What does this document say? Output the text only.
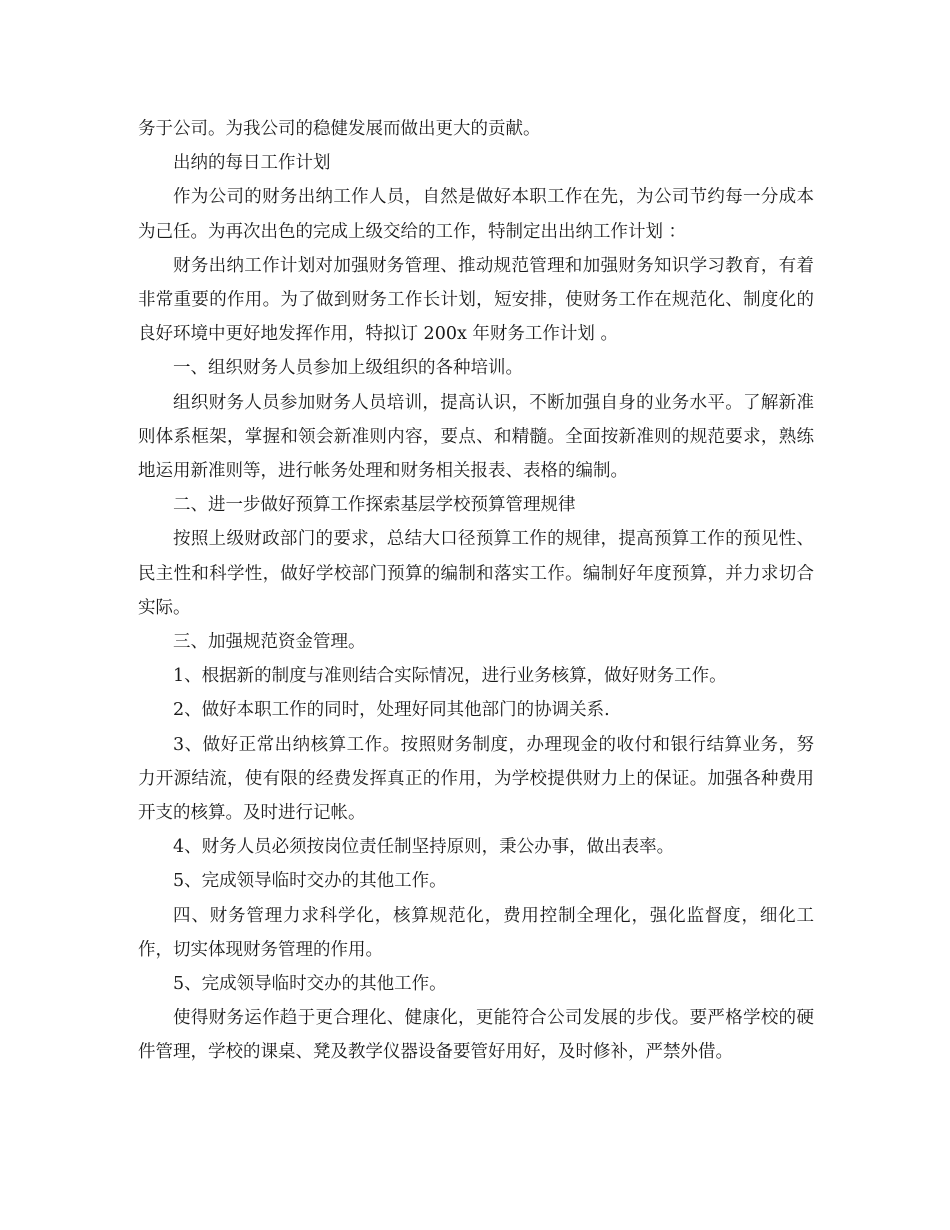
务于公司。为我公司的稳健发展而做出更大的贡献。

出纳的每日工作计划

作为公司的财务出纳工作人员，自然是做好本职工作在先，为公司节约每一分成本为己任。为再次出色的完成上级交给的工作，特制定出出纳工作计划 ：

财务出纳工作计划对加强财务管理、推动规范管理和加强财务知识学习教育，有着非常重要的作用。为了做到财务工作长计划，短安排，使财务工作在规范化、制度化的良好环境中更好地发挥作用，特拟订 200x 年财务工作计划 。

一、组织财务人员参加上级组织的各种培训。

组织财务人员参加财务人员培训，提高认识，不断加强自身的业务水平。了解新准则体系框架，掌握和领会新准则内容，要点、和精髓。全面按新准则的规范要求，熟练地运用新准则等，进行帐务处理和财务相关报表、表格的编制。

二、进一步做好预算工作探索基层学校预算管理规律

按照上级财政部门的要求，总结大口径预算工作的规律，提高预算工作的预见性、民主性和科学性，做好学校部门预算的编制和落实工作。编制好年度预算，并力求切合实际。

三、加强规范资金管理。

1、根据新的制度与准则结合实际情况，进行业务核算，做好财务工作。

2、做好本职工作的同时，处理好同其他部门的协调关系.

3、做好正常出纳核算工作。按照财务制度，办理现金的收付和银行结算业务，努力开源结流，使有限的经费发挥真正的作用，为学校提供财力上的保证。加强各种费用开支的核算。及时进行记帐。

4、财务人员必须按岗位责任制坚持原则，秉公办事，做出表率。

5、完成领导临时交办的其他工作。

四、财务管理力求科学化，核算规范化，费用控制全理化，强化监督度，细化工作，切实体现财务管理的作用。

5、完成领导临时交办的其他工作。

使得财务运作趋于更合理化、健康化，更能符合公司发展的步伐。要严格学校的硬件管理，学校的课桌、凳及教学仪器设备要管好用好，及时修补，严禁外借。
